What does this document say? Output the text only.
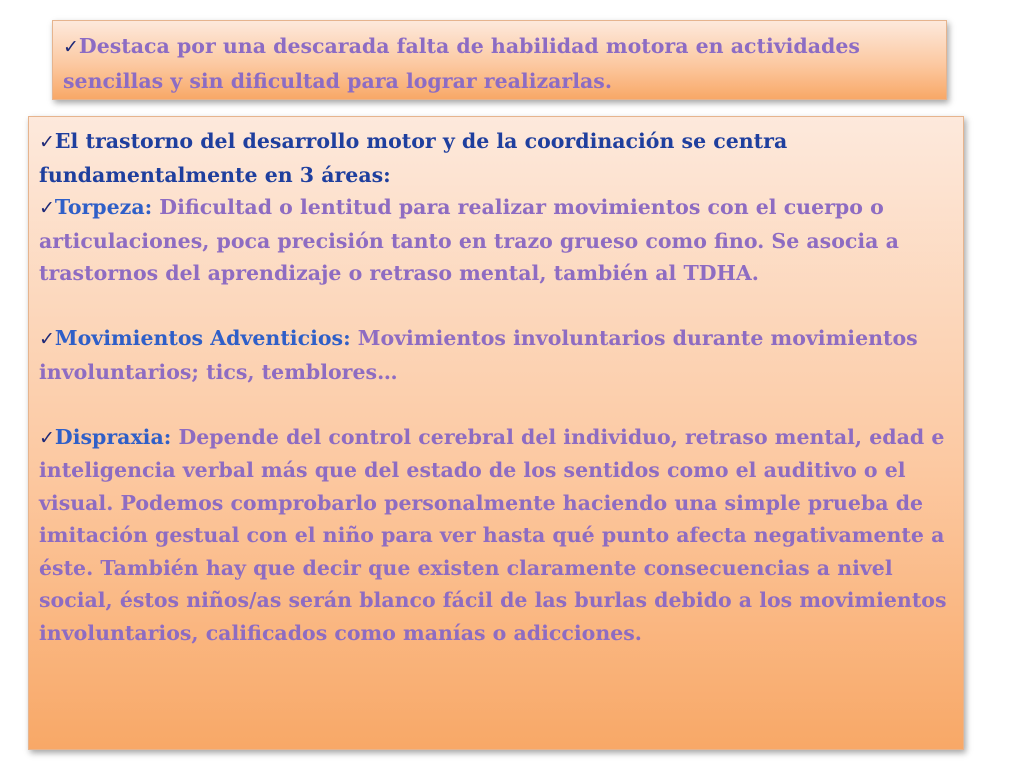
✓Destaca por una descarada falta de habilidad motora en actividades sencillas y sin dificultad para lograr realizarlas.

✓El trastorno del desarrollo motor y de la coordinación se centra fundamentalmente en 3 áreas:

✓Torpeza: Dificultad o lentitud para realizar movimientos con el cuerpo o articulaciones, poca precisión tanto en trazo grueso como fino. Se asocia a trastornos del aprendizaje o retraso mental, también al TDHA.

✓Movimientos Adventicios: Movimientos involuntarios durante movimientos involuntarios; tics, temblores…

✓Dispraxia: Depende del control cerebral del individuo, retraso mental, edad e inteligencia verbal más que del estado de los sentidos como el auditivo o el visual. Podemos comprobarlo personalmente haciendo una simple prueba de imitación gestual con el niño para ver hasta qué punto afecta negativamente a éste. También hay que decir que existen claramente consecuencias a nivel social, éstos niños/as serán blanco fácil de las burlas debido a los movimientos involuntarios, calificados como manías o adicciones.
